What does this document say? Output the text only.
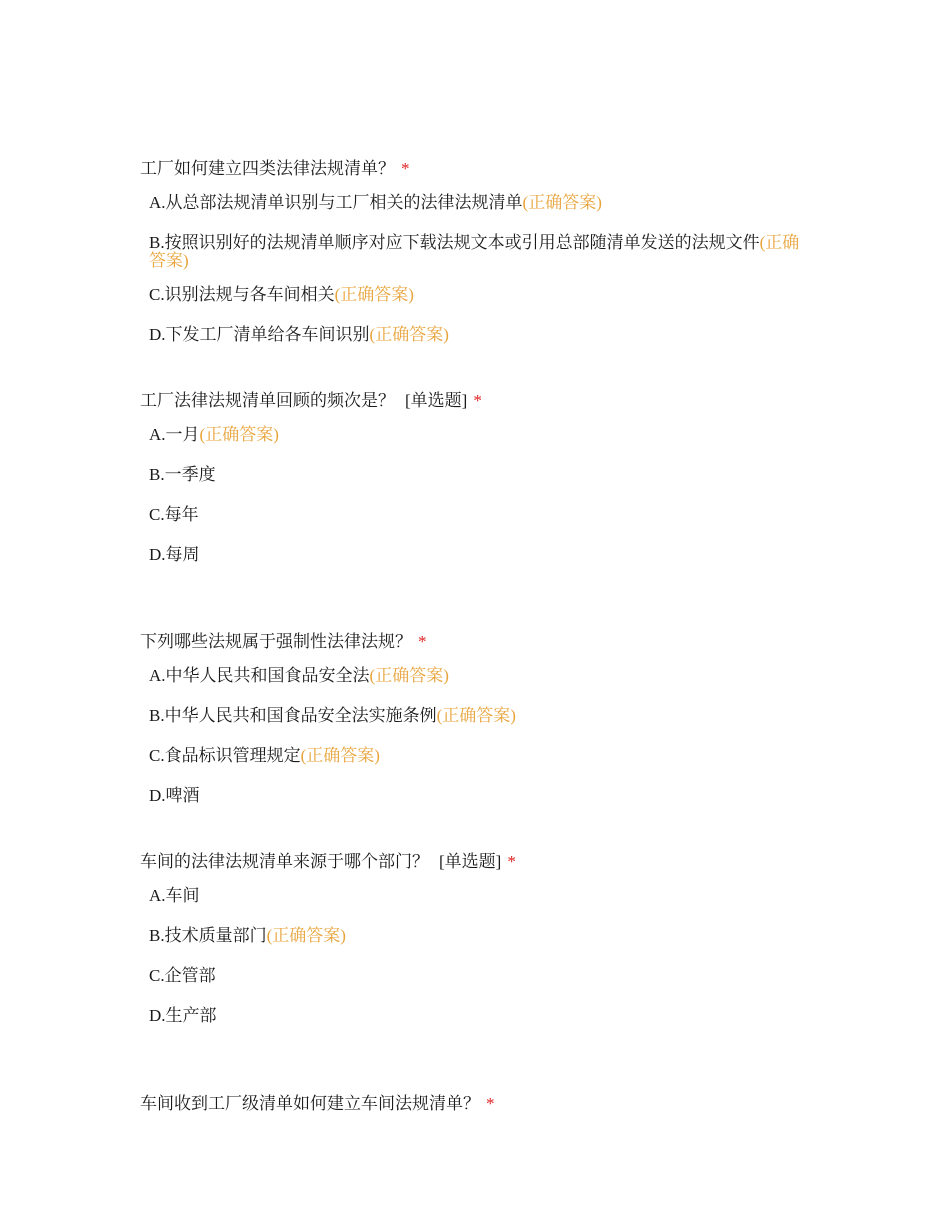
工厂如何建立四类法律法规清单？ *
A.从总部法规清单识别与工厂相关的法律法规清单(正确答案)
B.按照识别好的法规清单顺序对应下载法规文本或引用总部随清单发送的法规文件(正确答案)
C.识别法规与各车间相关(正确答案)
D.下发工厂清单给各车间识别(正确答案)
工厂法律法规清单回顾的频次是？ [单选题] *
A.一月(正确答案)
B.一季度
C.每年
D.每周
下列哪些法规属于强制性法律法规？ *
A.中华人民共和国食品安全法(正确答案)
B.中华人民共和国食品安全法实施条例(正确答案)
C.食品标识管理规定(正确答案)
D.啤酒
车间的法律法规清单来源于哪个部门？ [单选题] *
A.车间
B.技术质量部门(正确答案)
C.企管部
D.生产部
车间收到工厂级清单如何建立车间法规清单？ *
